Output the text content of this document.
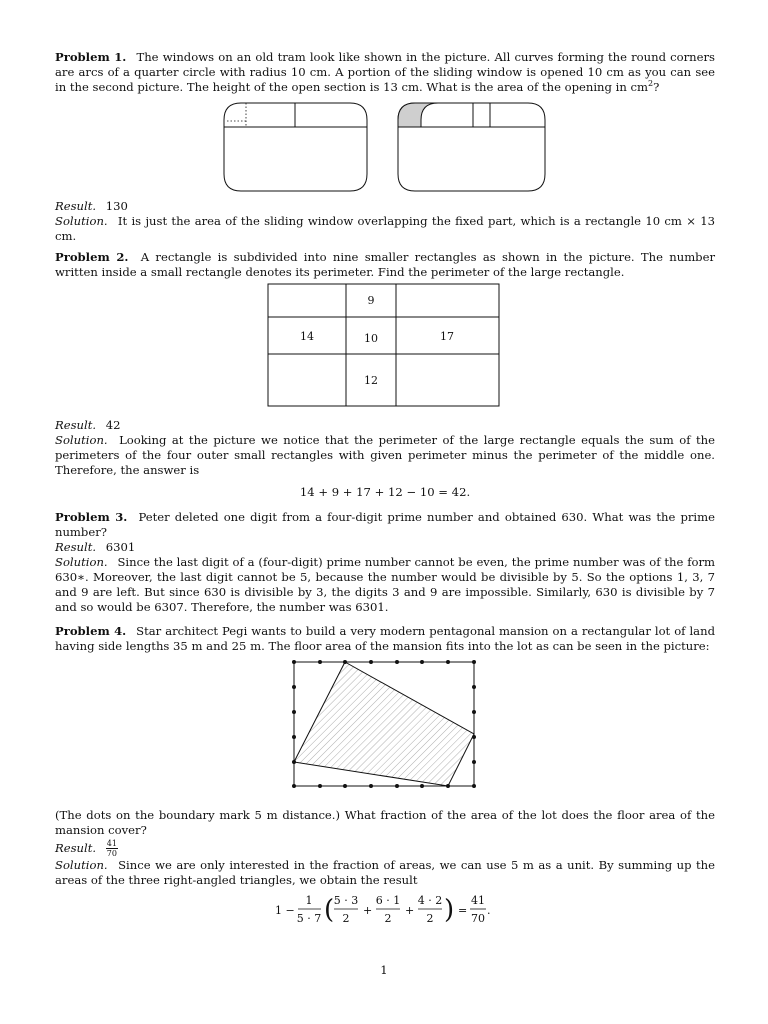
Problem 1. The windows on an old tram look like shown in the picture. All curves forming the round corners are arcs of a quarter circle with radius 10 cm. A portion of the sliding window is opened 10 cm as you can see in the second picture. The height of the open section is 13 cm. What is the area of the opening in $cm^2$?

Result. 130

Solution. It is just the area of the sliding window overlapping the fixed part, which is a rectangle 10 cm × 13 cm.

Problem 2. A rectangle is subdivided into nine smaller rectangles as shown in the picture. The number written inside a small rectangle denotes its perimeter. Find the perimeter of the large rectangle.

9
14	10	17
12

Result. 42

Solution. Looking at the picture we notice that the perimeter of the large rectangle equals the sum of the perimeters of the four outer small rectangles with given perimeter minus the perimeter of the middle one. Therefore, the answer is

14 + 9 + 17 + 12 − 10 = 42.

Problem 3. Peter deleted one digit from a four-digit prime number and obtained 630. What was the prime number?

Result. 6301

Solution. Since the last digit of a (four-digit) prime number cannot be even, the prime number was of the form 630∗. Moreover, the last digit cannot be 5, because the number would be divisible by 5. So the options 1, 3, 7 and 9 are left. But since 630 is divisible by 3, the digits 3 and 9 are impossible. Similarly, 630 is divisible by 7 and so would be 6307. Therefore, the number was 6301.

Problem 4. Star architect Pegi wants to build a very modern pentagonal mansion on a rectangular lot of land having side lengths 35 m and 25 m. The floor area of the mansion fits into the lot as can be seen in the picture:

(The dots on the boundary mark 5 m distance.) What fraction of the area of the lot does the floor area of the mansion cover?

Result. $\frac{41}{70}$

Solution. Since we are only interested in the fraction of areas, we can use 5 m as a unit. By summing up the areas of the three right-angled triangles, we obtain the result

1 −
1
5 · 7 ( 5 · 3
2
+
6 · 1
2
+
4 · 2
2 ) =
41
70
.
1
